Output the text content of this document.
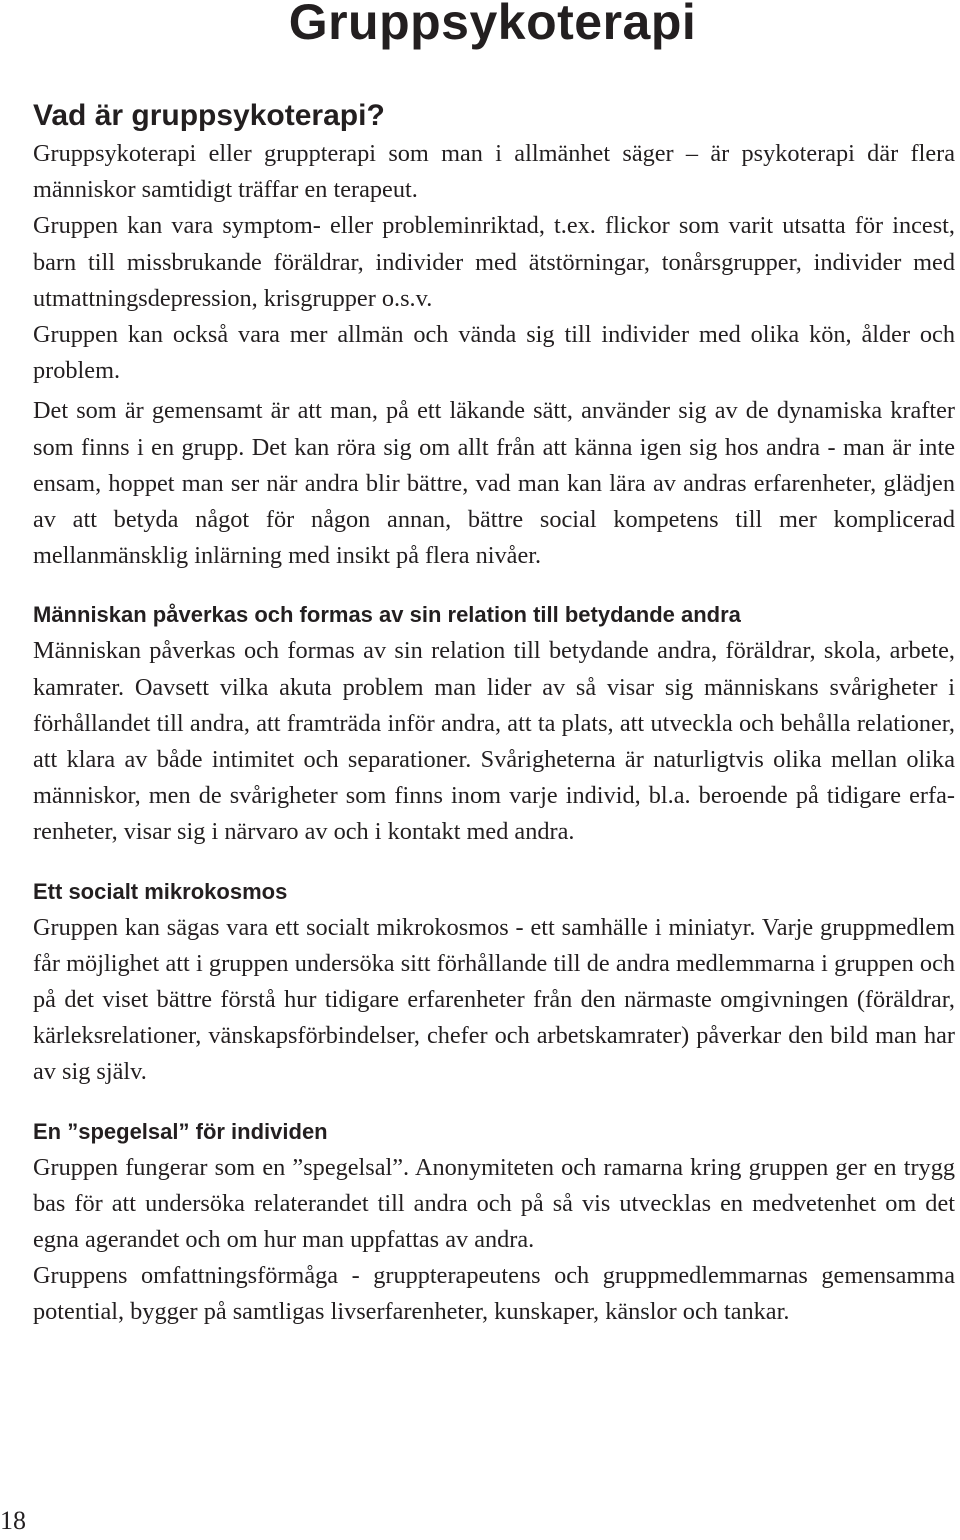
Gruppsykoterapi
Vad är gruppsykoterapi?

Gruppsykoterapi eller gruppterapi som man i allmänhet säger – är psykoterapi där flera människor samtidigt träffar en terapeut.

Gruppen kan vara symptom- eller probleminriktad, t.ex. flickor som varit utsatta för incest, barn till missbrukande föräldrar, individer med ätstörningar, tonårsgrupper, individer med utmattningsdepression, krisgrupper o.s.v.

Gruppen kan också vara mer allmän och vända sig till individer med olika kön, ålder och problem.

Det som är gemensamt är att man, på ett läkande sätt, använder sig av de dynamiska krafter som finns i en grupp. Det kan röra sig om allt från att känna igen sig hos andra - man är inte ensam, hoppet man ser när andra blir bättre, vad man kan lära av andras erfarenheter, glädjen av att betyda något för någon annan, bättre social kompetens till mer komplicerad mellanmänsklig inlärning med insikt på flera nivåer.

Människan påverkas och formas av sin relation till betydande andra

Människan påverkas och formas av sin relation till betydande andra, föräldrar, skola, arbete, kamrater. Oavsett vilka akuta problem man lider av så visar sig människans svårigheter i förhållandet till andra, att framträda inför andra, att ta plats, att utveckla och behålla relationer, att klara av både intimitet och separationer. Svårigheterna är naturligtvis olika mellan olika människor, men de svårigheter som finns inom varje individ, bl.a. beroende på tidigare erfarenheter, visar sig i närvaro av och i kontakt med andra.

Ett socialt mikrokosmos

Gruppen kan sägas vara ett socialt mikrokosmos - ett samhälle i miniatyr. Varje gruppmedlem får möjlighet att i gruppen undersöka sitt förhållande till de andra medlemmarna i gruppen och på det viset bättre förstå hur tidigare erfarenheter från den närmaste omgivningen (föräldrar, kärleksrelationer, vänskapsförbindelser, chefer och arbetskamrater) påverkar den bild man har av sig själv.

En ”spegelsal” för individen

Gruppen fungerar som en ”spegelsal”. Anonymiteten och ramarna kring gruppen ger en trygg bas för att undersöka relaterandet till andra och på så vis utvecklas en medvetenhet om det egna agerandet och om hur man uppfattas av andra.

Gruppens omfattningsförmåga - gruppterapeutens och gruppmedlemmarnas gemensamma potential, bygger på samtligas livserfarenheter, kunskaper, känslor och tankar.

18
